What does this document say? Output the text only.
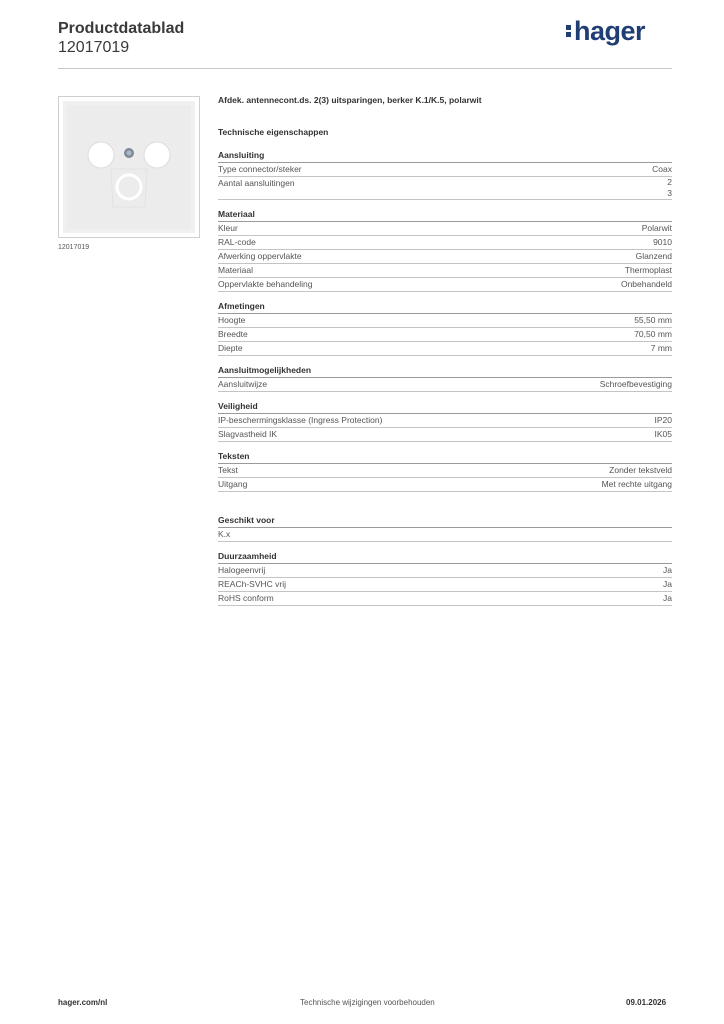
Productdatablad
12017019
hager
12017019
Afdek. antennecont.ds. 2(3) uitsparingen, berker K.1/K.5, polarwit
Technische eigenschappen
Aansluiting
Type connector/steker	Coax
Aantal aansluitingen	2
3
Materiaal
Kleur	Polarwit
RAL-code	9010
Afwerking oppervlakte	Glanzend
Materiaal	Thermoplast
Oppervlakte behandeling	Onbehandeld
Afmetingen
Hoogte	55,50 mm
Breedte	70,50 mm
Diepte	7 mm
Aansluitmogelijkheden
Aansluitwijze	Schroefbevestiging
Veiligheid
IP-beschermingsklasse (Ingress Protection)	IP20
Slagvastheid IK	IK05
Teksten
Tekst	Zonder tekstveld
Uitgang	Met rechte uitgang
Geschikt voor
K.x
Duurzaamheid
Halogeenvrij	Ja
REACh-SVHC vrij	Ja
RoHS conform	Ja
hager.com/nl	Technische wijzigingen voorbehouden	09.01.2026
